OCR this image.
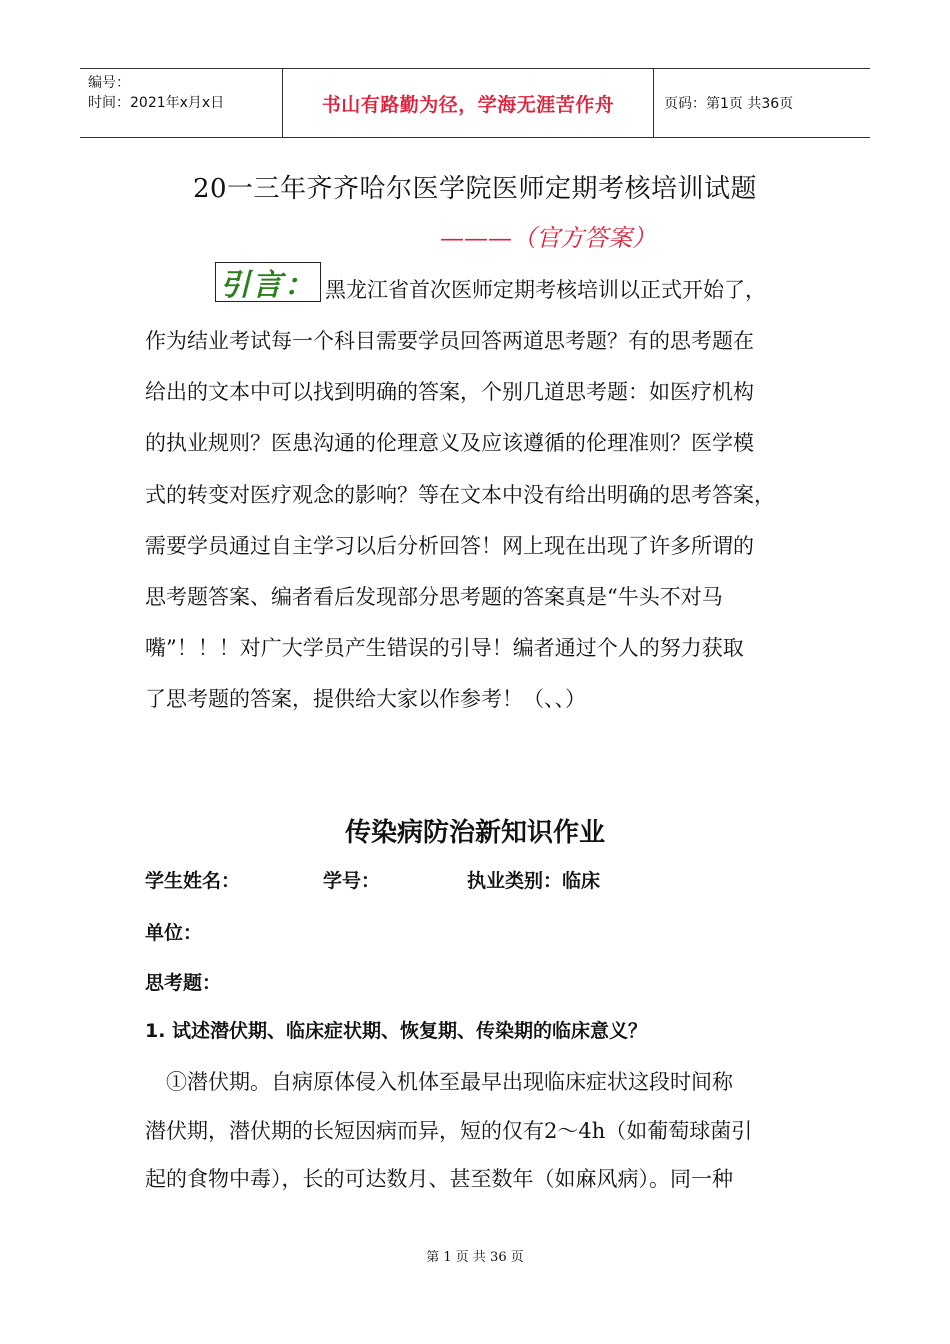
编号：
时间：2021年x月x日	书山有路勤为径，学海无涯苦作舟	页码：第1页 共36页
20一三年齐齐哈尔医学院医师定期考核培训试题
———（官方答案）
引言： 黑龙江省首次医师定期考核培训以正式开始了，
作为结业考试每一个科目需要学员回答两道思考题？有的思考题在
给出的文本中可以找到明确的答案，个别几道思考题：如医疗机构
的执业规则？医患沟通的伦理意义及应该遵循的伦理准则？医学模
式的转变对医疗观念的影响？等在文本中没有给出明确的思考答案，
需要学员通过自主学习以后分析回答！网上现在出现了许多所谓的
思考题答案、编者看后发现部分思考题的答案真是“牛头不对马
嘴”！！！对广大学员产生错误的引导！编者通过个人的努力获取
了思考题的答案，提供给大家以作参考！（、、）
传染病防治新知识作业
学生姓名：	学号：	执业类别：临床
单位：
思考题：
1. 试述潜伏期、临床症状期、恢复期、传染期的临床意义？
　①潜伏期。自病原体侵入机体至最早出现临床症状这段时间称
潜伏期，潜伏期的长短因病而异，短的仅有2～4h（如葡萄球菌引
起的食物中毒），长的可达数月、甚至数年（如麻风病）。同一种
第 1 页 共 36 页
